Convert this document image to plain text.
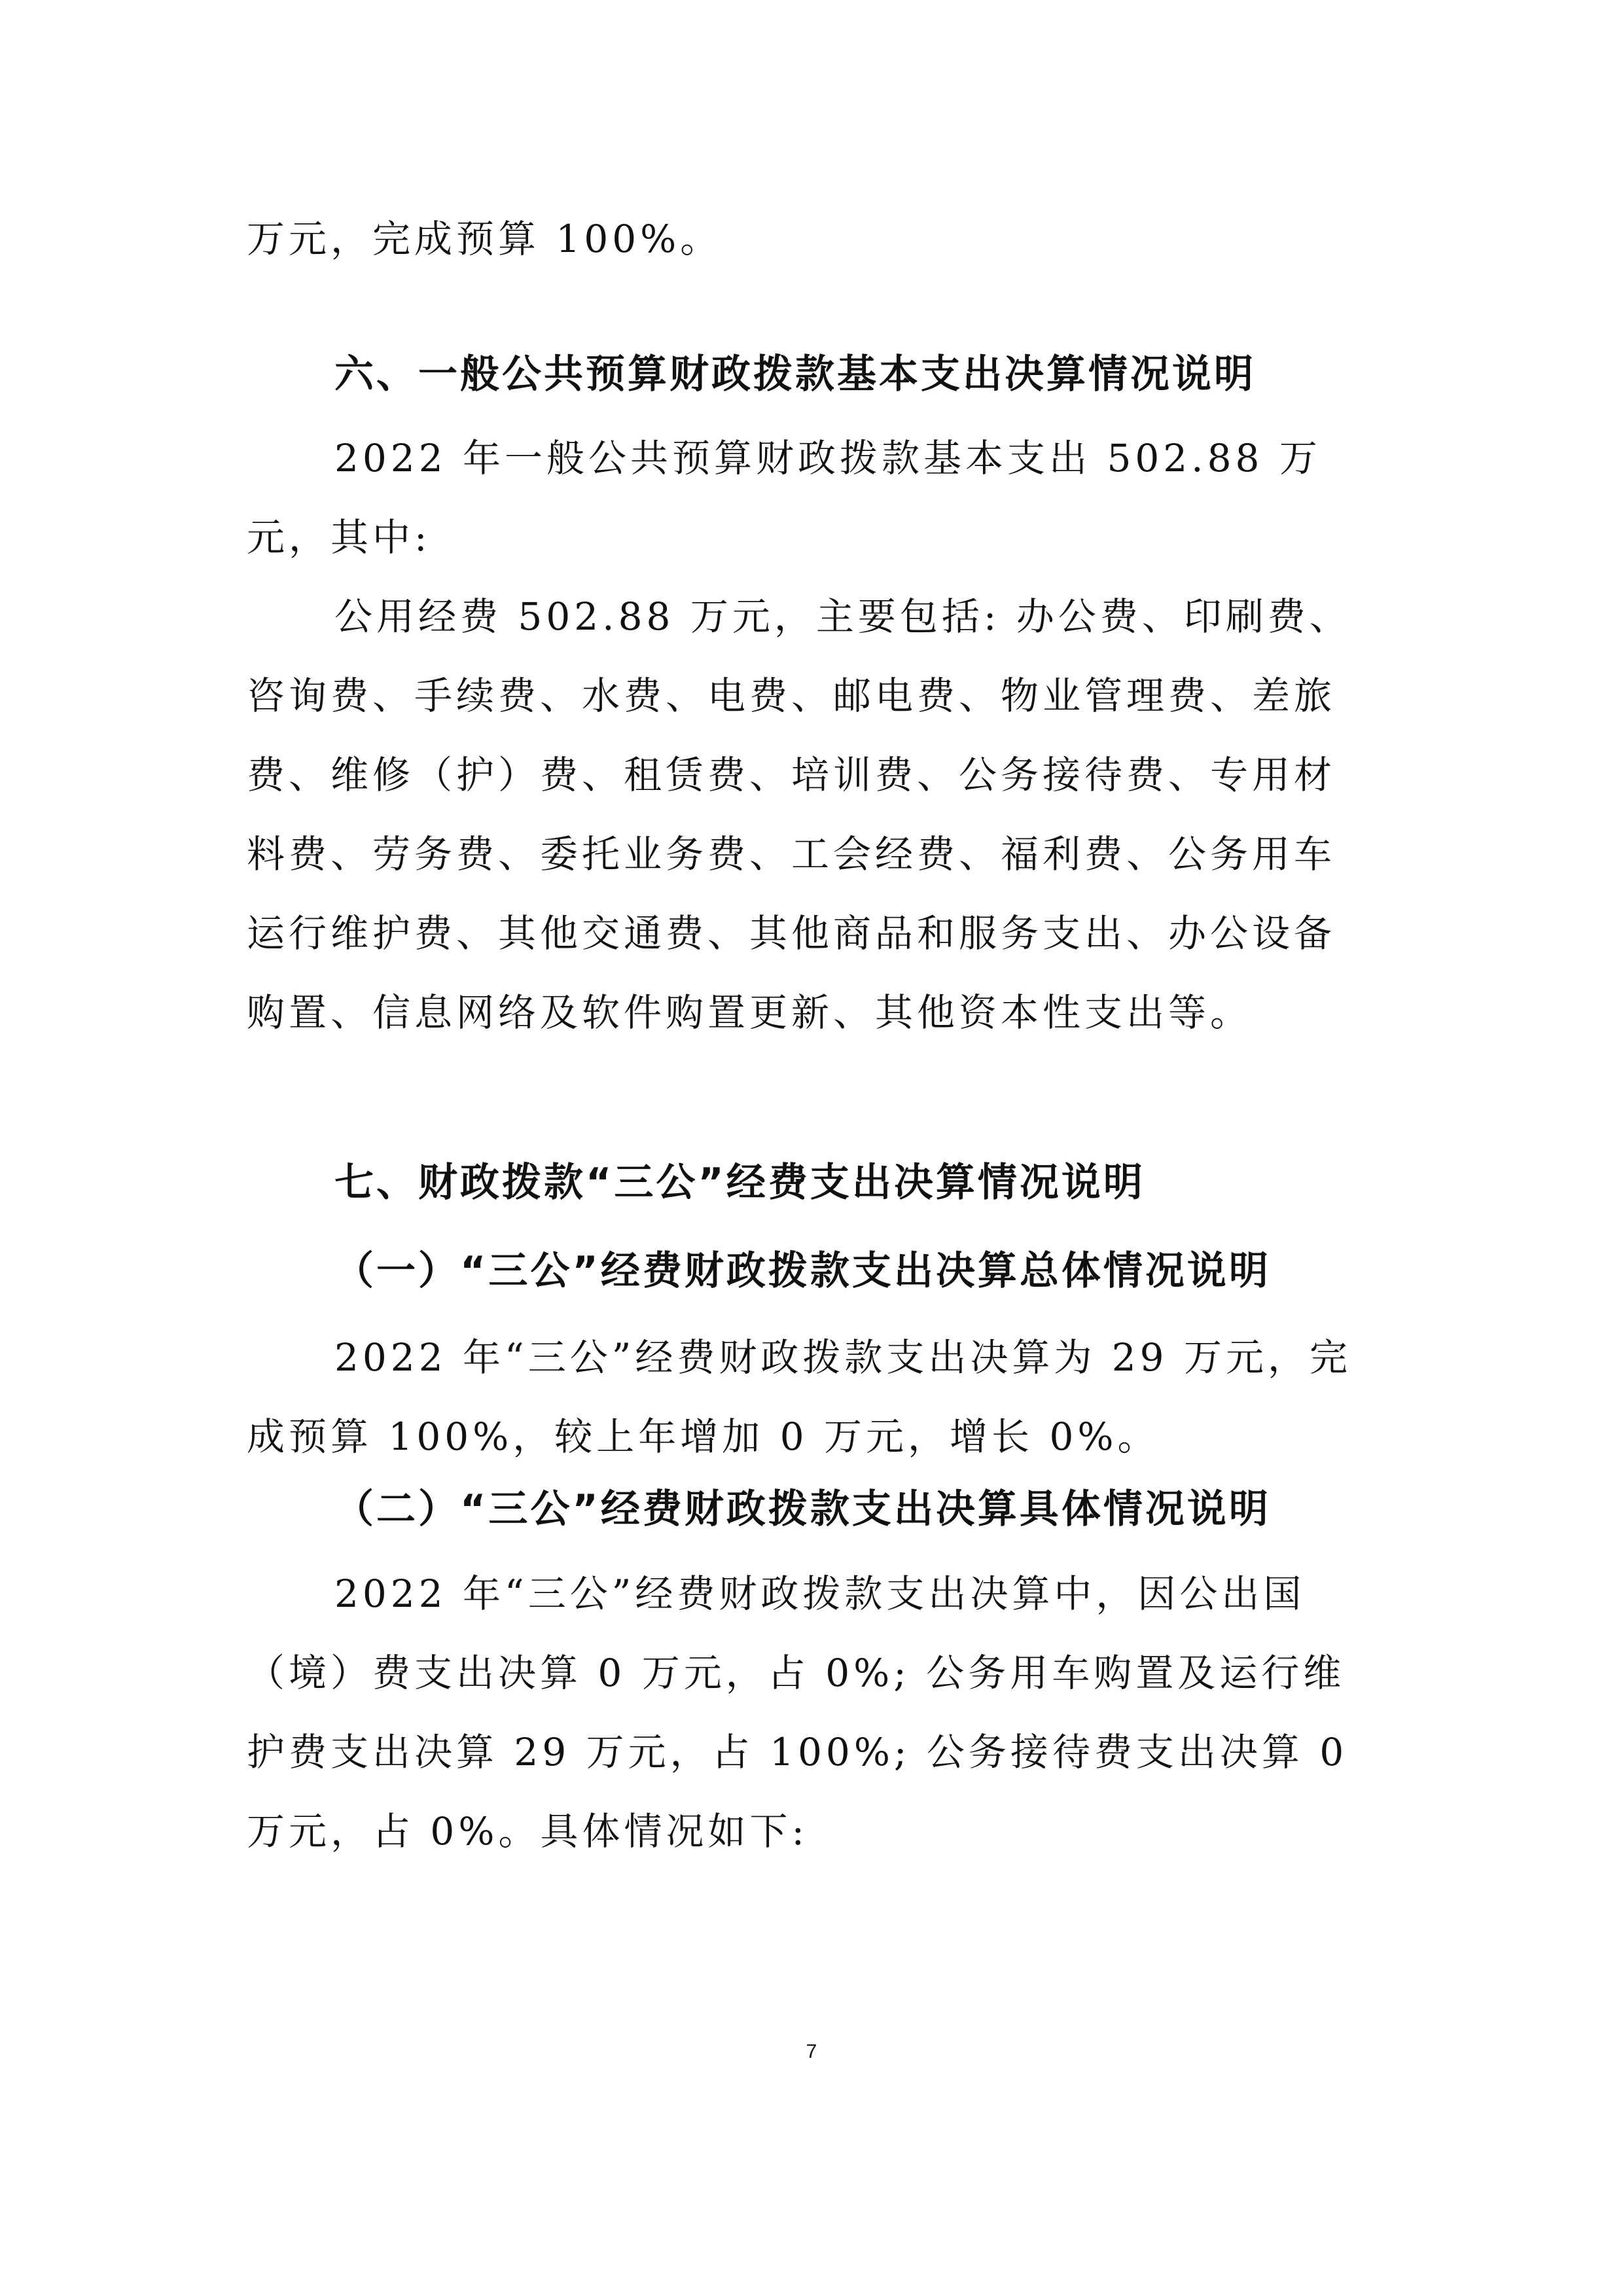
万元，完成预算 100%。

六、一般公共预算财政拨款基本支出决算情况说明

2022 年一般公共预算财政拨款基本支出 502.88 万元，其中:

公用经费 502.88 万元，主要包括: 办公费、印刷费、咨询费、手续费、水费、电费、邮电费、物业管理费、差旅费、维修（护）费、租赁费、培训费、公务接待费、专用材料费、劳务费、委托业务费、工会经费、福利费、公务用车运行维护费、其他交通费、其他商品和服务支出、办公设备购置、信息网络及软件购置更新、其他资本性支出等。

七、财政拨款“三公”经费支出决算情况说明

（一）“三公”经费财政拨款支出决算总体情况说明

2022 年“三公”经费财政拨款支出决算为 29 万元，完成预算 100%，较上年增加 0 万元，增长 0%。

（二）“三公”经费财政拨款支出决算具体情况说明

2022 年“三公”经费财政拨款支出决算中，因公出国（境）费支出决算 0 万元，占 0%; 公务用车购置及运行维护费支出决算 29 万元，占 100%; 公务接待费支出决算 0 万元，占 0%。具体情况如下:

7
